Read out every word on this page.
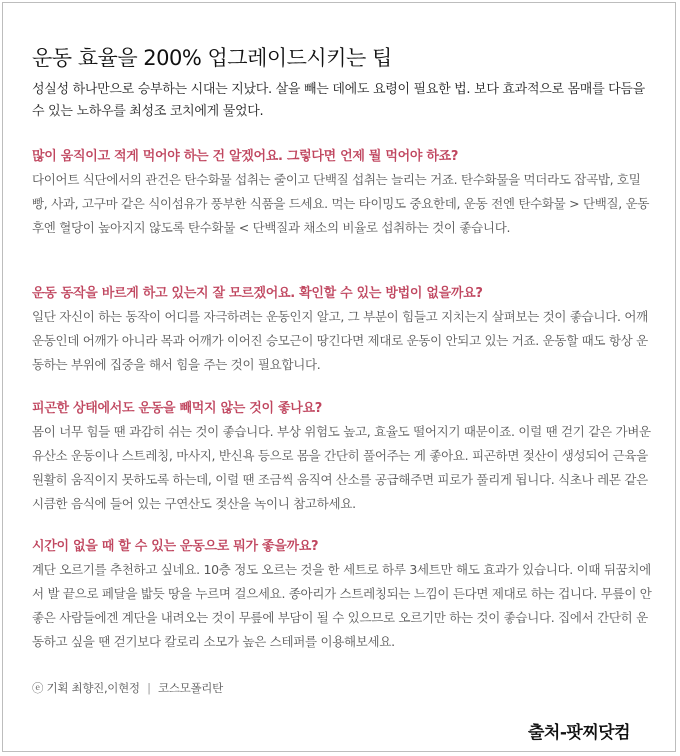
운동 효율을 200% 업그레이드시키는 팁

성실성 하나만으로 승부하는 시대는 지났다. 살을 빼는 데에도 요령이 필요한 법. 보다 효과적으로 몸매를 다듬을 수 있는 노하우를 최성조 코치에게 물었다.

많이 움직이고 적게 먹어야 하는 건 알겠어요. 그렇다면 언제 뭘 먹어야 하죠?

다이어트 식단에서의 관건은 탄수화물 섭취는 줄이고 단백질 섭취는 늘리는 거죠. 탄수화물을 먹더라도 잡곡밥, 호밀빵, 사과, 고구마 같은 식이섬유가 풍부한 식품을 드세요. 먹는 타이밍도 중요한데, 운동 전엔 탄수화물 > 단백질, 운동 후엔 혈당이 높아지지 않도록 탄수화물 < 단백질과 채소의 비율로 섭취하는 것이 좋습니다.

운동 동작을 바르게 하고 있는지 잘 모르겠어요. 확인할 수 있는 방법이 없을까요?

일단 자신이 하는 동작이 어디를 자극하려는 운동인지 알고, 그 부분이 힘들고 지치는지 살펴보는 것이 좋습니다. 어깨 운동인데 어깨가 아니라 목과 어깨가 이어진 승모근이 땅긴다면 제대로 운동이 안되고 있는 거죠. 운동할 때도 항상 운동하는 부위에 집중을 해서 힘을 주는 것이 필요합니다.

피곤한 상태에서도 운동을 빼먹지 않는 것이 좋나요?

몸이 너무 힘들 땐 과감히 쉬는 것이 좋습니다. 부상 위험도 높고, 효율도 떨어지기 때문이죠. 이럴 땐 걷기 같은 가벼운 유산소 운동이나 스트레칭, 마사지, 반신욕 등으로 몸을 간단히 풀어주는 게 좋아요. 피곤하면 젖산이 생성되어 근육을 원활히 움직이지 못하도록 하는데, 이럴 땐 조금씩 움직여 산소를 공급해주면 피로가 풀리게 됩니다. 식초나 레몬 같은 시큼한 음식에 들어 있는 구연산도 젖산을 녹이니 참고하세요.

시간이 없을 때 할 수 있는 운동으로 뭐가 좋을까요?

계단 오르기를 추천하고 싶네요. 10층 정도 오르는 것을 한 세트로 하루 3세트만 해도 효과가 있습니다. 이때 뒤꿈치에서 발 끝으로 페달을 밟듯 땅을 누르며 걸으세요. 종아리가 스트레칭되는 느낌이 든다면 제대로 하는 겁니다. 무릎이 안 좋은 사람들에겐 계단을 내려오는 것이 무릎에 부담이 될 수 있으므로 오르기만 하는 것이 좋습니다. 집에서 간단히 운동하고 싶을 땐 걷기보다 칼로리 소모가 높은 스테퍼를 이용해보세요.

ⓔ 기획 최향진,이현정 | 코스모폴리탄
출처-팟찌닷컴
